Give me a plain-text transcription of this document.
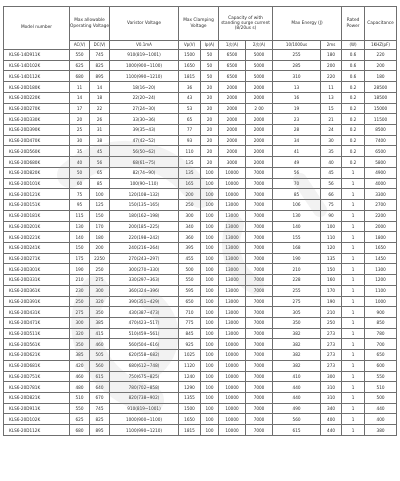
Model number	Max allowable Operating Voltage		Varistor Voltage	Max Clamping Voltage		Capacity of with standing surge current (8/20us s)		Max Energy (J)		Rated Power	Capacitance
	AC(V)	DC(V)	V0.1mA	Vp(V)	Ip(A)	1次(A)	2次(A)	10/1000us	2ms	(W)	1KHZ(pF)
KLS6-14D911K	550	745	910(819~1001)	1500	50	6500	5000	255	180	0.6	220
KLS6-14D102K	625	825	1000(900~1100)	1650	50	6500	5000	285	200	0.6	200
KLS6-14D112K	680	895	1100(990~1210)	1815	50	6500	5000	310	220	0.6	180
KLS6-20D180K	11	14	18(16~20)	36	20	2000	2000	13	11	0.2	28500
KLS6-20D220K	14	18	22(20~24)	43	20	2000	2000	16	13	0.2	18500
KLS6-20D270K	17	22	27(24~30)	53	20	2000	2 00	19	15	0.2	15000
KLS6-20D330K	20	26	33(30~36)	65	20	2000	2000	23	21	0.2	11500
KLS6-20D390K	25	31	39(35~43)	77	20	2000	2000	28	24	0.2	8500
KLS6-20D470K	30	38	47(42~52)	93	20	2000	2000	34	30	0.2	7400
KLS6-20D560K	35	45	56(50~62)	110	20	2000	2000	41	35	0.2	6500
KLS6-20D680K	40	56	68(61~75)	135	20	3000	2000	49	40	0.2	5800
KLS6-20D820K	50	65	82(74~90)	135	100	10000	7000	56	45	1	4900
KLS6-20D101K	60	85	100(90~110)	165	100	10000	7000	70	56	1	4000
KLS6-20D121K	75	100	120(108~132)	200	100	10000	7000	85	66	1	3300
KLS6-20D151K	95	125	150(135~165)	250	100	13000	7000	106	75	1	2700
KLS6-20D181K	115	150	180(162~198)	300	100	13000	7000	130	90	1	2200
KLS6-20D201K	130	170	200(185~225)	340	100	13000	7000	140	100	1	2000
KLS6-20D221K	140	180	220(198~242)	360	100	13000	7000	155	110	1	1800
KLS6-20D241K	150	200	240(216~264)	395	100	13000	7000	168	120	1	1650
KLS6-20D271K	175	2250	270(243~297)	455	100	13000	7000	190	135	1	1450
KLS6-20D301K	190	250	300(270~330)	500	100	13000	7000	210	150	1	1300
KLS6-20D331K	210	275	330(297~363)	550	100	13000	7000	228	160	1	1200
KLS6-20D361K	230	300	360(324~396)	595	100	13000	7000	255	170	1	1100
KLS6-20D391K	250	320	390(351~429)	650	100	13000	7000	275	190	1	1000
KLS6-20D431K	275	350	430(387~473)	710	100	13000	7000	305	210	1	900
KLS6-20D471K	300	385	470(423~517)	775	100	13000	7000	350	250	1	850
KLS6-20D511K	320	415	510(459~561)	845	100	13000	7000	382	273	1	780
KLS6-20D561K	350	460	560(504~616)	925	100	10000	7000	382	273	1	700
KLS6-20D621K	385	505	620(558~682)	1025	100	10000	7000	382	273	1	650
KLS6-20D681K	420	560	680(612~748)	1120	100	10000	7000	382	273	1	600
KLS6-20D751K	460	615	750(675~825)	1240	100	10000	7000	410	300	1	550
KLS6-20D781K	480	640	780(702~858)	1290	100	10000	7000	440	310	1	510
KLS6-20D821K	510	670	820(738~902)	1355	100	10000	7000	440	310	1	500
KLS6-20D911K	550	745	910(819~1001)	1500	100	10000	7000	490	340	1	440
KLS6-20D102K	625	825	1000(900~1100)	1650	100	10000	7000	560	400	1	400
KLS6-20D112K	680	895	1100(990~1210)	1815	100	10000	7000	615	440	1	380
